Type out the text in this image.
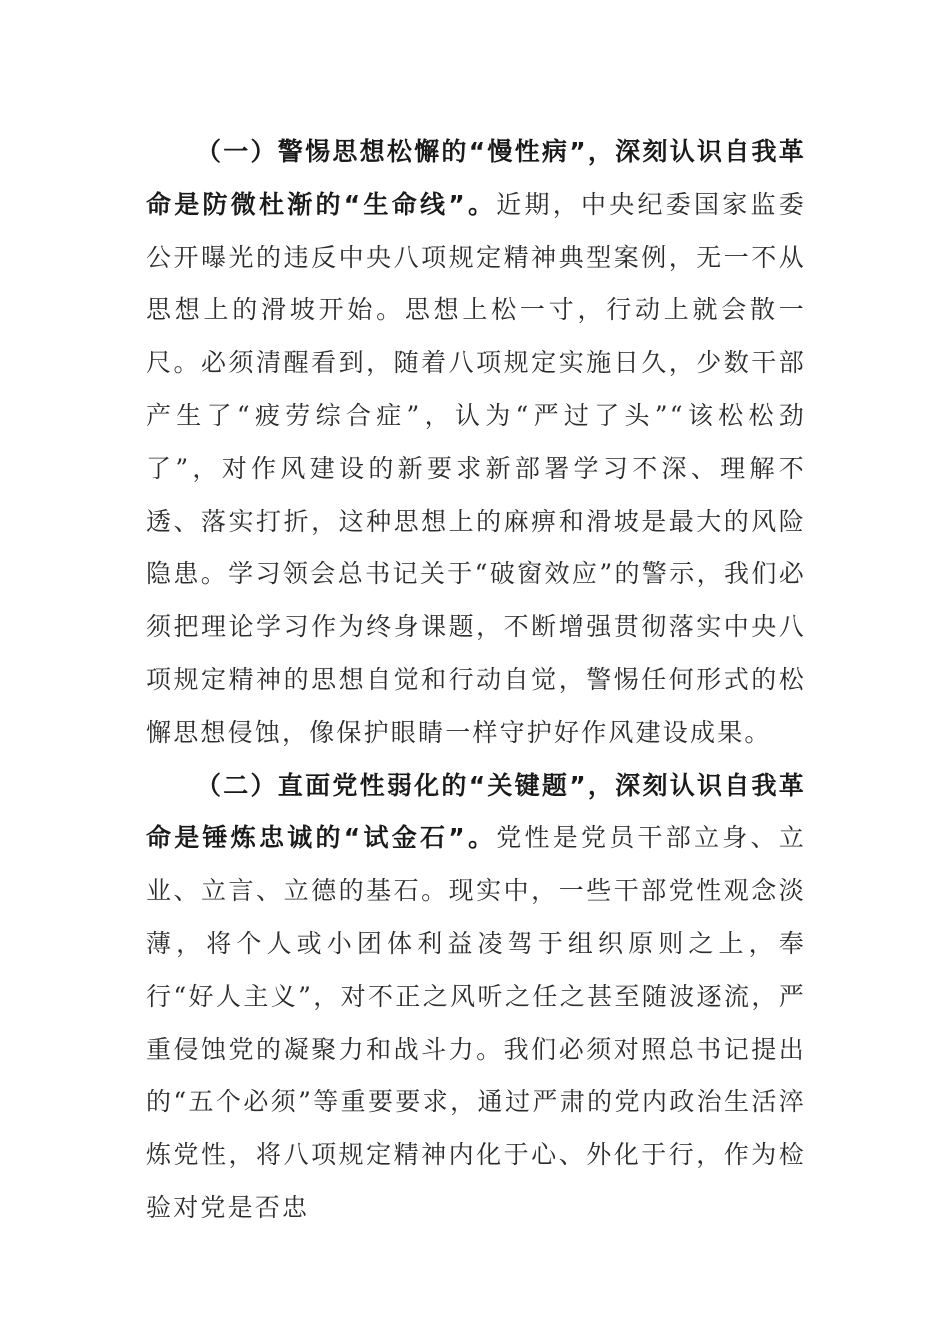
（一）警惕思想松懈的“慢性病”，深刻认识自我革命是防微杜渐的“生命线”。近期，中央纪委国家监委公开曝光的违反中央八项规定精神典型案例，无一不从思想上的滑坡开始。思想上松一寸，行动上就会散一尺。必须清醒看到，随着八项规定实施日久，少数干部产生了“疲劳综合症”，认为“严过了头”“该松松劲了”，对作风建设的新要求新部署学习不深、理解不透、落实打折，这种思想上的麻痹和滑坡是最大的风险隐患。学习领会总书记关于“破窗效应”的警示，我们必须把理论学习作为终身课题，不断增强贯彻落实中央八项规定精神的思想自觉和行动自觉，警惕任何形式的松懈思想侵蚀，像保护眼睛一样守护好作风建设成果。

（二）直面党性弱化的“关键题”，深刻认识自我革命是锤炼忠诚的“试金石”。党性是党员干部立身、立业、立言、立德的基石。现实中，一些干部党性观念淡薄，将个人或小团体利益凌驾于组织原则之上，奉行“好人主义”，对不正之风听之任之甚至随波逐流，严重侵蚀党的凝聚力和战斗力。我们必须对照总书记提出的“五个必须”等重要要求，通过严肃的党内政治生活淬炼党性，将八项规定精神内化于心、外化于行，作为检验对党是否忠
